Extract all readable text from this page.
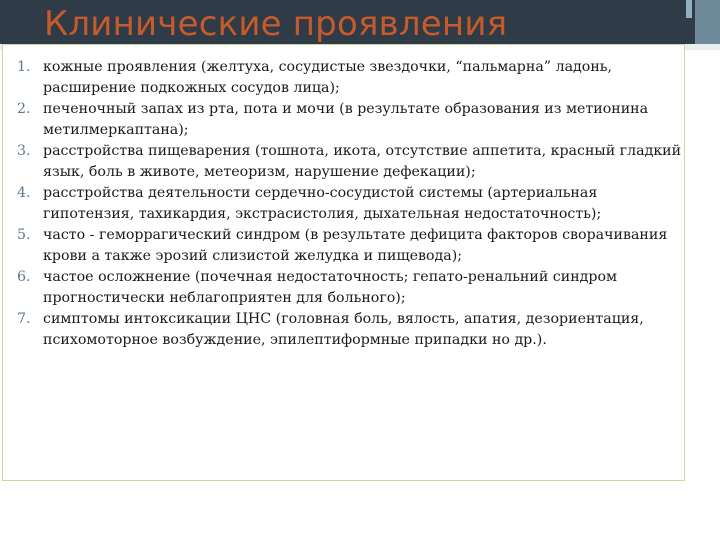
1. кожные проявления (желтуха, сосудистые звездочки, “пальмарна” ладонь, расширение подкожных сосудов лица);
2. печеночный запах из рта, пота и мочи (в результате образования из метионина метилмеркаптана);
3. расстройства пищеварения (тошнота, икота, отсутствие аппетита, красный гладкий язык, боль в животе, метеоризм, нарушение дефекации);
4. расстройства деятельности сердечно-сосудистой системы (артериальная гипотензия, тахикардия, экстрасистолия, дыхательная недостаточность);
5. часто - геморрагический синдром (в результате дефицита факторов сворачивания крови а также эрозий слизистой желудка и пищевода);
6. частое осложнение (почечная недостаточность; гепато-ренальний синдром прогностически неблагоприятен для больного);
7. симптомы интоксикации ЦНС (головная боль, вялость, апатия, дезориентация, психомоторное возбуждение, эпилептиформные припадки но др.).
Клинические проявления
